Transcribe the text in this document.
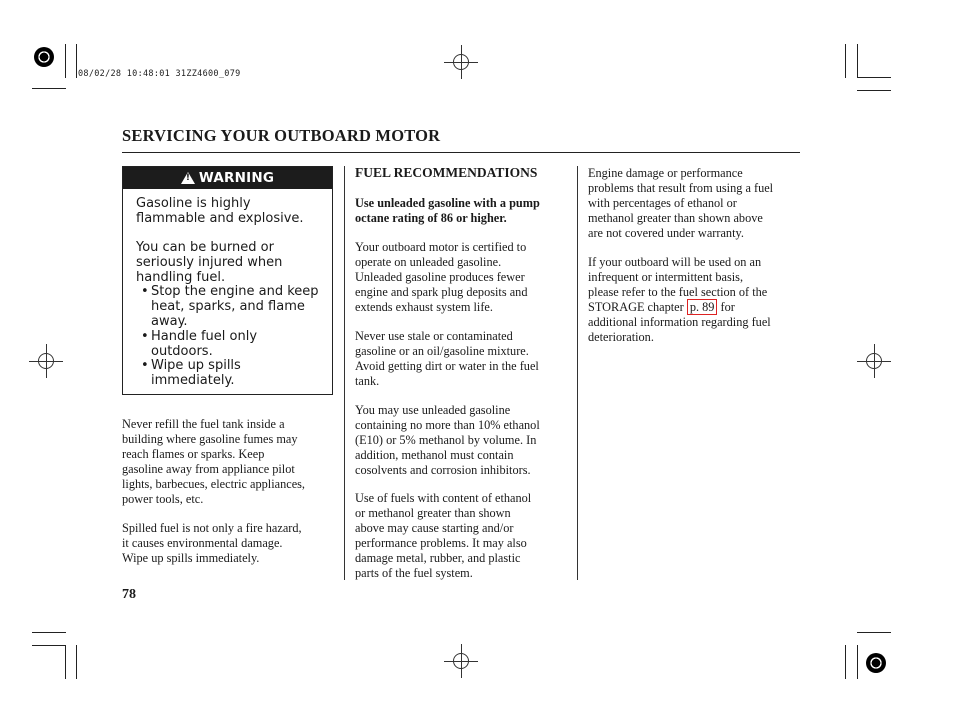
08/02/28 10:48:01 31ZZ4600_079
SERVICING YOUR OUTBOARD MOTOR
!
WARNING
Gasoline is highly
flammable and explosive.
You can be burned or
seriously injured when
handling fuel.
• Stop the engine and keep
heat, sparks, and flame
away.
• Handle fuel only
outdoors.
• Wipe up spills
immediately.
Never refill the fuel tank inside a
building where gasoline fumes may
reach flames or sparks. Keep
gasoline away from appliance pilot
lights, barbecues, electric appliances,
power tools, etc.
Spilled fuel is not only a fire hazard,
it causes environmental damage.
Wipe up spills immediately.
FUEL RECOMMENDATIONS
Use unleaded gasoline with a pump
octane rating of 86 or higher.
Your outboard motor is certified to
operate on unleaded gasoline.
Unleaded gasoline produces fewer
engine and spark plug deposits and
extends exhaust system life.
Never use stale or contaminated
gasoline or an oil/gasoline mixture.
Avoid getting dirt or water in the fuel
tank.
You may use unleaded gasoline
containing no more than 10% ethanol
(E10) or 5% methanol by volume. In
addition, methanol must contain
cosolvents and corrosion inhibitors.
Use of fuels with content of ethanol
or methanol greater than shown
above may cause starting and/or
performance problems. It may also
damage metal, rubber, and plastic
parts of the fuel system.
Engine damage or performance
problems that result from using a fuel
with percentages of ethanol or
methanol greater than shown above
are not covered under warranty.
If your outboard will be used on an
infrequent or intermittent basis,
please refer to the fuel section of the
STORAGE chapter p. 89 for
additional information regarding fuel
deterioration.
78
